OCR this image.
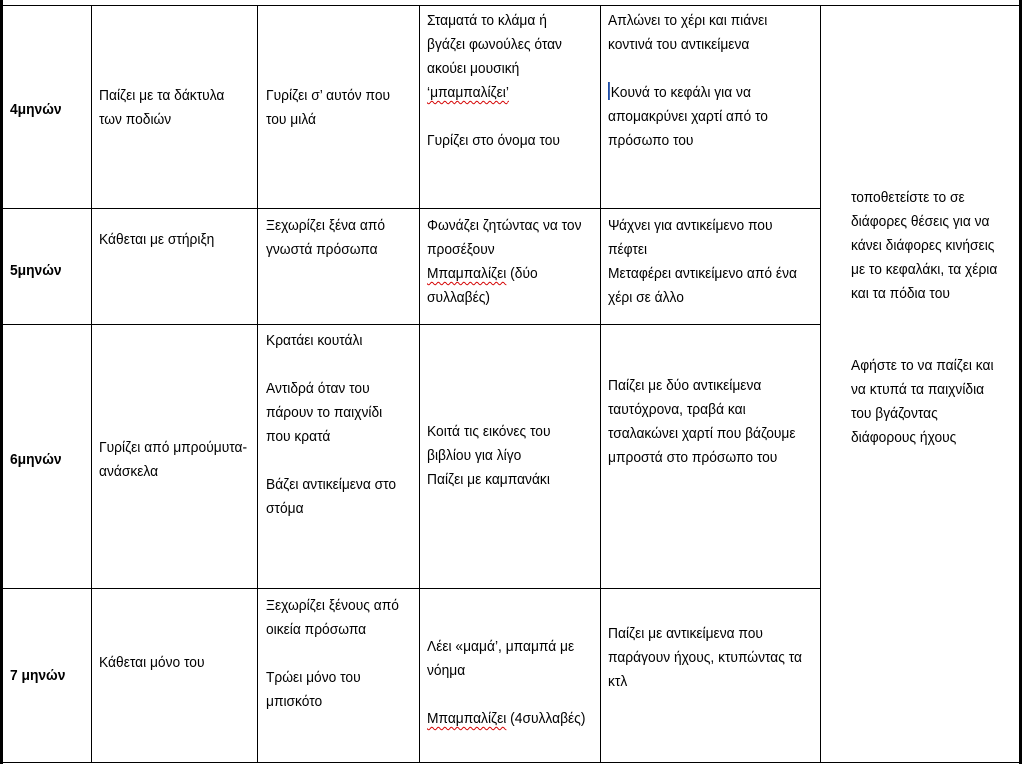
4μηνών

Παίζει με τα δάκτυλα

των ποδιών

Γυρίζει σ’ αυτόν που

του μιλά

Σταματά το κλάμα ή

βγάζει φωνούλες όταν

ακούει μουσική

‘μπαμπαλίζει’

Γυρίζει στο όνομα του

Απλώνει το χέρι και πιάνει

κοντινά του αντικείμενα

Κουνά το κεφάλι για να

απομακρύνει χαρτί από το

πρόσωπο του

5μηνών

Κάθεται με στήριξη

Ξεχωρίζει ξένα από

γνωστά πρόσωπα

Φωνάζει ζητώντας να τον

προσέξουν

Μπαμπαλίζει (δύο

συλλαβές)

Ψάχνει για αντικείμενο που

πέφτει

Μεταφέρει αντικείμενο από ένα

χέρι σε άλλο

6μηνών

Γυρίζει από μπρούμυτα-

ανάσκελα

Κρατάει κουτάλι

Αντιδρά όταν του

πάρουν το παιχνίδι

που κρατά

Βάζει αντικείμενα στο

στόμα

Κοιτά τις εικόνες του

βιβλίου για λίγο

Παίζει με καμπανάκι

Παίζει με δύο αντικείμενα

ταυτόχρονα, τραβά και

τσαλακώνει χαρτί που βάζουμε

μπροστά στο πρόσωπο του

7 μηνών

Κάθεται μόνο του

Ξεχωρίζει ξένους από

οικεία πρόσωπα

Τρώει μόνο του

μπισκότο

Λέει «μαμά’, μπαμπά με

νόημα

Μπαμπαλίζει (4συλλαβές)

Παίζει με αντικείμενα που

παράγουν ήχους, κτυπώντας τα

κτλ

τοποθετείστε το σε

διάφορες θέσεις για να

κάνει διάφορες κινήσεις

με το κεφαλάκι, τα χέρια

και τα πόδια του

Αφήστε το να παίζει και

να κτυπά τα παιχνίδια

του βγάζοντας

διάφορους ήχους
